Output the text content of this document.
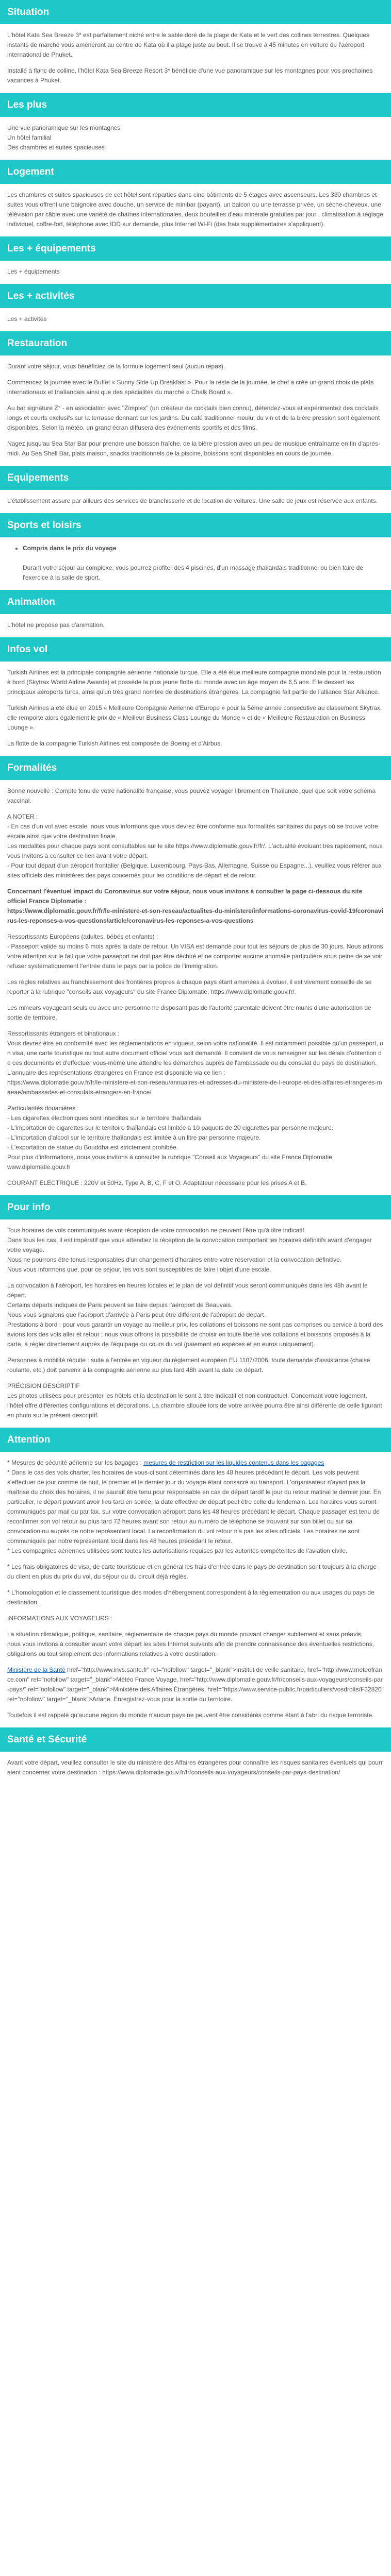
Situation

L'hôtel Kata Sea Breeze 3* est parfaitement niché entre le sable doré de la plage de Kata et le vert des collines terrestres. Quelques instants de marche vous amèneront au centre de Kata où il a plage juste au bout. Il se trouve à 45 minutes en voiture de l'aéroport international de Phuket.

Installé à flanc de colline, l'hôtel Kata Sea Breeze Resort 3* bénéficie d'une vue panoramique sur les montagnes pour vos prochaines vacances à Phuket.

Les plus

Une vue panoramique sur les montagnes
Un hôtel familial
Des chambres et suites spacieuses

Logement

Les chambres et suites spacieuses de cet hôtel sont réparties dans cinq bâtiments de 5 étages avec ascenseurs. Les 330 chambres et suites vous offrent une baignoire avec douche, un service de minibar (payant), un balcon ou une terrasse privée, un sèche-cheveux, une télévision par câble avec une variété de chaînes internationales, deux bouteilles d'eau minérale gratuites par jour , climatisation à réglage individuel, coffre-fort, téléphone avec IDD sur demande, plus Internet Wi-Fi (des frais supplémentaires s'appliquent).

Les + équipements

Les + équipements

Les + activités

Les + activités

Restauration

Durant votre séjour, vous bénéficiez de la formule logement seul (aucun repas).

Commencez la journée avec le Buffet « Sunny Side Up Breakfast ». Pour la reste de la journée, le chef a créé un grand choix de plats internationaux et thaïlandais ainsi que des spécialités du marché « Chalk Board ».

Au bar signature Z° - en association avec "Zimplex" (un créateur de cocktails bien connu), détendez-vous et expérimentez des cocktails longs et courts exclusifs sur la terrasse donnant sur les jardins. Du café traditionnel moulu, du vin et de la bière pression sont également disponibles. Selon la météo, un grand écran diffusera des événements sportifs et des films.

Nagez jusqu'au Sea Star Bar pour prendre une boisson fraîche, de la bière pression avec un peu de musique entraînante en fin d'après-midi. Au Sea Shell Bar, plats maison, snacks traditionnels de la piscine, boissons sont disponibles en cours de journée.

Equipements

L'établissement assure par ailleurs des services de blanchisserie et de location de voitures. Une salle de jeux est réservée aux enfants.

Sports et loisirs
• Compris dans le prix du voyage

Durant votre séjour au complexe, vous pourrez profiter des 4 piscines, d'un massage thaïlandais traditionnel ou bien faire de l'exercice à la salle de sport.
Animation

L'hôtel ne propose pas d'animation.

Infos vol

Turkish Airlines est la principale compagnie aérienne nationale turque. Elle a été élue meilleure compagnie mondiale pour la restauration à bord (Skytrax World Airline Awards) et possède la plus jeune flotte du monde avec un âge moyen de 6,5 ans. Elle dessert les principaux aéroports turcs, ainsi qu'un très grand nombre de destinations étrangères. La compagnie fait partie de l'alliance Star Alliance.

Turkish Airlines a été élue en 2015 « Meilleure Compagnie Aérienne d'Europe » pour la 5ème année consécutive au classement Skytrax, elle remporte alors également le prix de « Meilleur Business Class Lounge du Monde » et de « Meilleure Restauration en Business Lounge ».

La flotte de la compagnie Turkish Airlines est composée de Boeing et d'Airbus.

Formalités

Bonne nouvelle : Compte tenu de votre nationalité française, vous pouvez voyager librement en Thaïlande, quel que soit votre schéma vaccinal.

A NOTER :
- En cas d'un vol avec escale, nous vous informons que vous devrez être conforme aux formalités sanitaires du pays où se trouve votre escale ainsi que votre destination finale.
Les modalités pour chaque pays sont consultables sur le site https://www.diplomatie.gouv.fr/fr/. L'actualité évoluant très rapidement, nous vous invitons à consulter ce lien avant votre départ.
- Pour tout départ d'un aéroport frontalier (Belgique, Luxembourg, Pays-Bas, Allemagne, Suisse ou Espagne...), veuillez vous référer aux sites officiels des ministères des pays concernés pour les conditions de départ et de retour.

Concernant l'éventuel impact du Coronavirus sur votre séjour, nous vous invitons à consulter la page ci-dessous du site officiel France Diplomatie :
https://www.diplomatie.gouv.fr/fr/le-ministere-et-son-reseau/actualites-du-ministere/informations-coronavirus-covid-19/coronavirus-les-reponses-a-vos-questions/article/coronavirus-les-reponses-a-vos-questions

Ressortissants Européens (adultes, bébés et enfants) :
- Passeport valide au moins 6 mois après la date de retour. Un VISA est demandé pour tout les séjours de plus de 30 jours. Nous attirons votre attention sur le fait que votre passeport ne doit pas être déchiré et ne comporter aucune anomalie particulière sous peine de se voir refuser systématiquement l'entrée dans le pays par la police de l'immigration.

Les règles relatives au franchissement des frontières propres à chaque pays étant amenées à évoluer, il est vivement conseillé de se reporter à la rubrique "conseils aux voyageurs" du site France Diplomatie, https://www.diplomatie.gouv.fr/.

Les mineurs voyageant seuls ou avec une personne ne disposant pas de l'autorité parentale doivent être munis d'une autorisation de sortie de territoire.

Ressortissants étrangers et binationaux :
Vous devrez être en conformité avec les réglementations en vigueur, selon votre nationalité. Il est notamment possible qu'un passeport, un visa, une carte touristique ou tout autre document officiel vous soit demandé. Il convient de vous renseigner sur les délais d'obtention de ces documents et d'effectuer vous-même une attendre les démarches auprès de l'ambassade ou du consulat du pays de destination.
L'annuaire des représentations étrangères en France est disponible via ce lien :
https://www.diplomatie.gouv.fr/fr/le-ministere-et-son-reseau/annuaires-et-adresses-du-ministere-de-l-europe-et-des-affaires-etrangeres-maeae/ambassades-et-consulats-etrangers-en-france/

Particularités douanières :
- Les cigarettes électroniques sont interdites sur le territoire thaïlandais
- L'importation de cigarettes sur le territoire thaïlandais est limitée à 10 paquets de 20 cigarettes par personne majeure.
- L'importation d'alcool sur le territoire thaïlandais est limitée à un litre par personne majeure.
- L'exportation de statue du Bouddha est strictement prohibée.
Pour plus d'informations, nous vous invitons à consulter la rubrique "Conseil aux Voyageurs" du site France Diplomatie www.diplomatie.gouv.fr

COURANT ELECTRIQUE : 220V et 50Hz. Type A, B, C, F et O. Adaptateur nécessaire pour les prises A et B.

Pour info

Tous horaires de vols communiqués avant réception de votre convocation ne peuvent l'être qu'à titre indicatif.
Dans tous les cas, il est impératif que vous attendiez la réception de la convocation comportant les horaires définitifs avant d'engager votre voyage.
Nous ne pourrons être tenus responsables d'un changement d'horaires entre votre réservation et la convocation définitive.
Nous vous informons que, pour ce séjour, les vols sont susceptibles de faire l'objet d'une escale.

La convocation à l'aéroport, les horaires en heures locales et le plan de vol définitif vous seront communiqués dans les 48h avant le départ.
Certains départs indiqués de Paris peuvent se faire depuis l'aéroport de Beauvais.
Nous vous signalons que l'aéroport d'arrivée à Paris peut être différent de l'aéroport de départ.
Prestations à bord : pour vous garantir un voyage au meilleur prix, les collations et boissons ne sont pas comprises ou service à bord des avions lors des vols aller et retour ; nous vous offrons la possibilité de choisir en toute liberté vos collations et boissons proposés à la carte, à régler directement auprès de l'équipage ou cours du vol (paiement en espèces et en euros uniquement).

Personnes à mobilité réduite : suite à l'entrée en vigueur du règlement européen EU 1107/2006, toute demande d'assistance (chaise roulante, etc.) doit parvenir à la compagnie aérienne au plus tard 48h avant la date de départ.

PRÉCISION DESCRIPTIF
Les photos utilisées pour présenter les hôtels et la destination le sont à titre indicatif et non contractuel. Concernant votre logement, l'hôtel offre différentes configurations et décorations. La chambre allouée lors de votre arrivée pourra être ainsi différente de celle figurant en photo sur le présent descriptif.

Attention

* Mesures de sécurité aérienne sur les bagages : mesures de restriction sur les liquides contenus dans les bagages
* Dans le cas des vols charter, les horaires de vous-ci sont déterminés dans les 48 heures précédant le départ. Les vols peuvent s'effectuer de jour comme de nuit, le premier et le dernier jour du voyage étant consacré au transport. L'organisateur n'ayant pas la maîtrise du choix des horaires, il ne saurait être tenu pour responsable en cas de départ tardif le jour du retour matinal le dernier jour. En particulier, le départ pouvant avoir lieu tard en soirée, la date effective de départ peut être celle du lendemain. Les horaires vous seront communiqués par mail ou par fax, sur votre convocation aéroport dans les 48 heures précédant le départ. Chaque passager est tenu de reconfirmer son vol retour au plus tard 72 heures avant son retour au numéro de téléphone se trouvant sur son billet ou sur sa convocation ou auprès de notre représentant local. La reconfirmation du vol retour n'a pas les sites officiels. Les horaires ne sont communiqués par notre représentant local dans les 48 heures précédant le retour.
* Les compagnies aériennes utilisées sont toutes les autorisations requises par les autorités compétentes de l'aviation civile.

* Les frais obligatoires de visa, de carte touristique et en général les frais d'entrée dans le pays de destination sont toujours à la charge du client en plus du prix du vol, du séjour ou du circuit déjà réglés.

* L'homologation et le classement touristique des modes d'hébergement correspondent à la réglementation ou aux usages du pays de destination.

INFORMATIONS AUX VOYAGEURS :

La situation climatique, politique, sanitaire, réglementaire de chaque pays du monde pouvant changer subitement et sans préavis,
nous vous invitons à consulter avant votre départ les sites Internet suivants afin de prendre connaissance des éventuelles restrictions, obligations ou tout simplement des informations relatives à votre destination.

Ministère de la Santé href="http://www.invs.sante.fr" rel="nofollow" target="_blank">Institut de veille sanitaire, href="http://www.meteofrance.com" rel="nofollow" target="_blank">Météo France Voyage, href="http://www.diplomatie.gouv.fr/fr/conseils-aux-voyageurs/conseils-par-pays/" rel="nofollow" target="_blank">Ministère des Affaires Étrangères, href="https://www.service-public.fr/particuliers/vosdroits/F32820" rel="nofollow" target="_blank">Ariane. Enregistrez-vous pour la sortie du territoire.

Toutefois il est rappelé qu'aucune région du monde n'aucun pays ne peuvent être considérés comme étant à l'abri du risque terroriste.

Santé et Sécurité

Avant votre départ, veuillez consulter le site du ministère des Affaires étrangères pour connaître les risques sanitaires éventuels qui pourraient concerner votre destination : https://www.diplomatie.gouv.fr/fr/conseils-aux-voyageurs/conseils-par-pays-destination/
